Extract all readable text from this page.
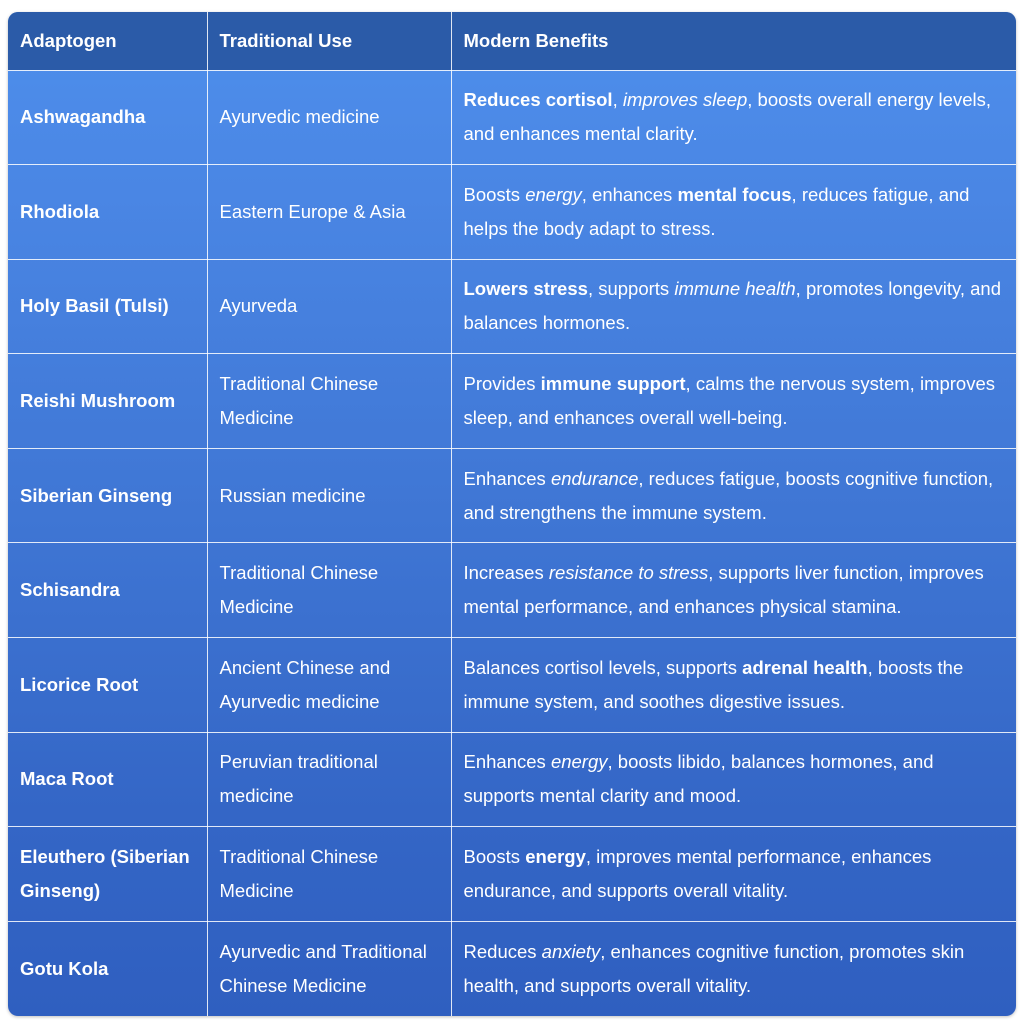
Adaptogen	Traditional Use	Modern Benefits
Ashwagandha	Ayurvedic medicine	Reduces cortisol, improves sleep, boosts overall energy levels, and enhances mental clarity.
Rhodiola	Eastern Europe & Asia	Boosts energy, enhances mental focus, reduces fatigue, and helps the body adapt to stress.
Holy Basil (Tulsi)	Ayurveda	Lowers stress, supports immune health, promotes longevity, and balances hormones.
Reishi Mushroom	Traditional Chinese Medicine	Provides immune support, calms the nervous system, improves sleep, and enhances overall well-being.
Siberian Ginseng	Russian medicine	Enhances endurance, reduces fatigue, boosts cognitive function, and strengthens the immune system.
Schisandra	Traditional Chinese Medicine	Increases resistance to stress, supports liver function, improves mental performance, and enhances physical stamina.
Licorice Root	Ancient Chinese and Ayurvedic medicine	Balances cortisol levels, supports adrenal health, boosts the immune system, and soothes digestive issues.
Maca Root	Peruvian traditional medicine	Enhances energy, boosts libido, balances hormones, and supports mental clarity and mood.
Eleuthero (Siberian Ginseng)	Traditional Chinese Medicine	Boosts energy, improves mental performance, enhances endurance, and supports overall vitality.
Gotu Kola	Ayurvedic and Traditional Chinese Medicine	Reduces anxiety, enhances cognitive function, promotes skin health, and supports overall vitality.
